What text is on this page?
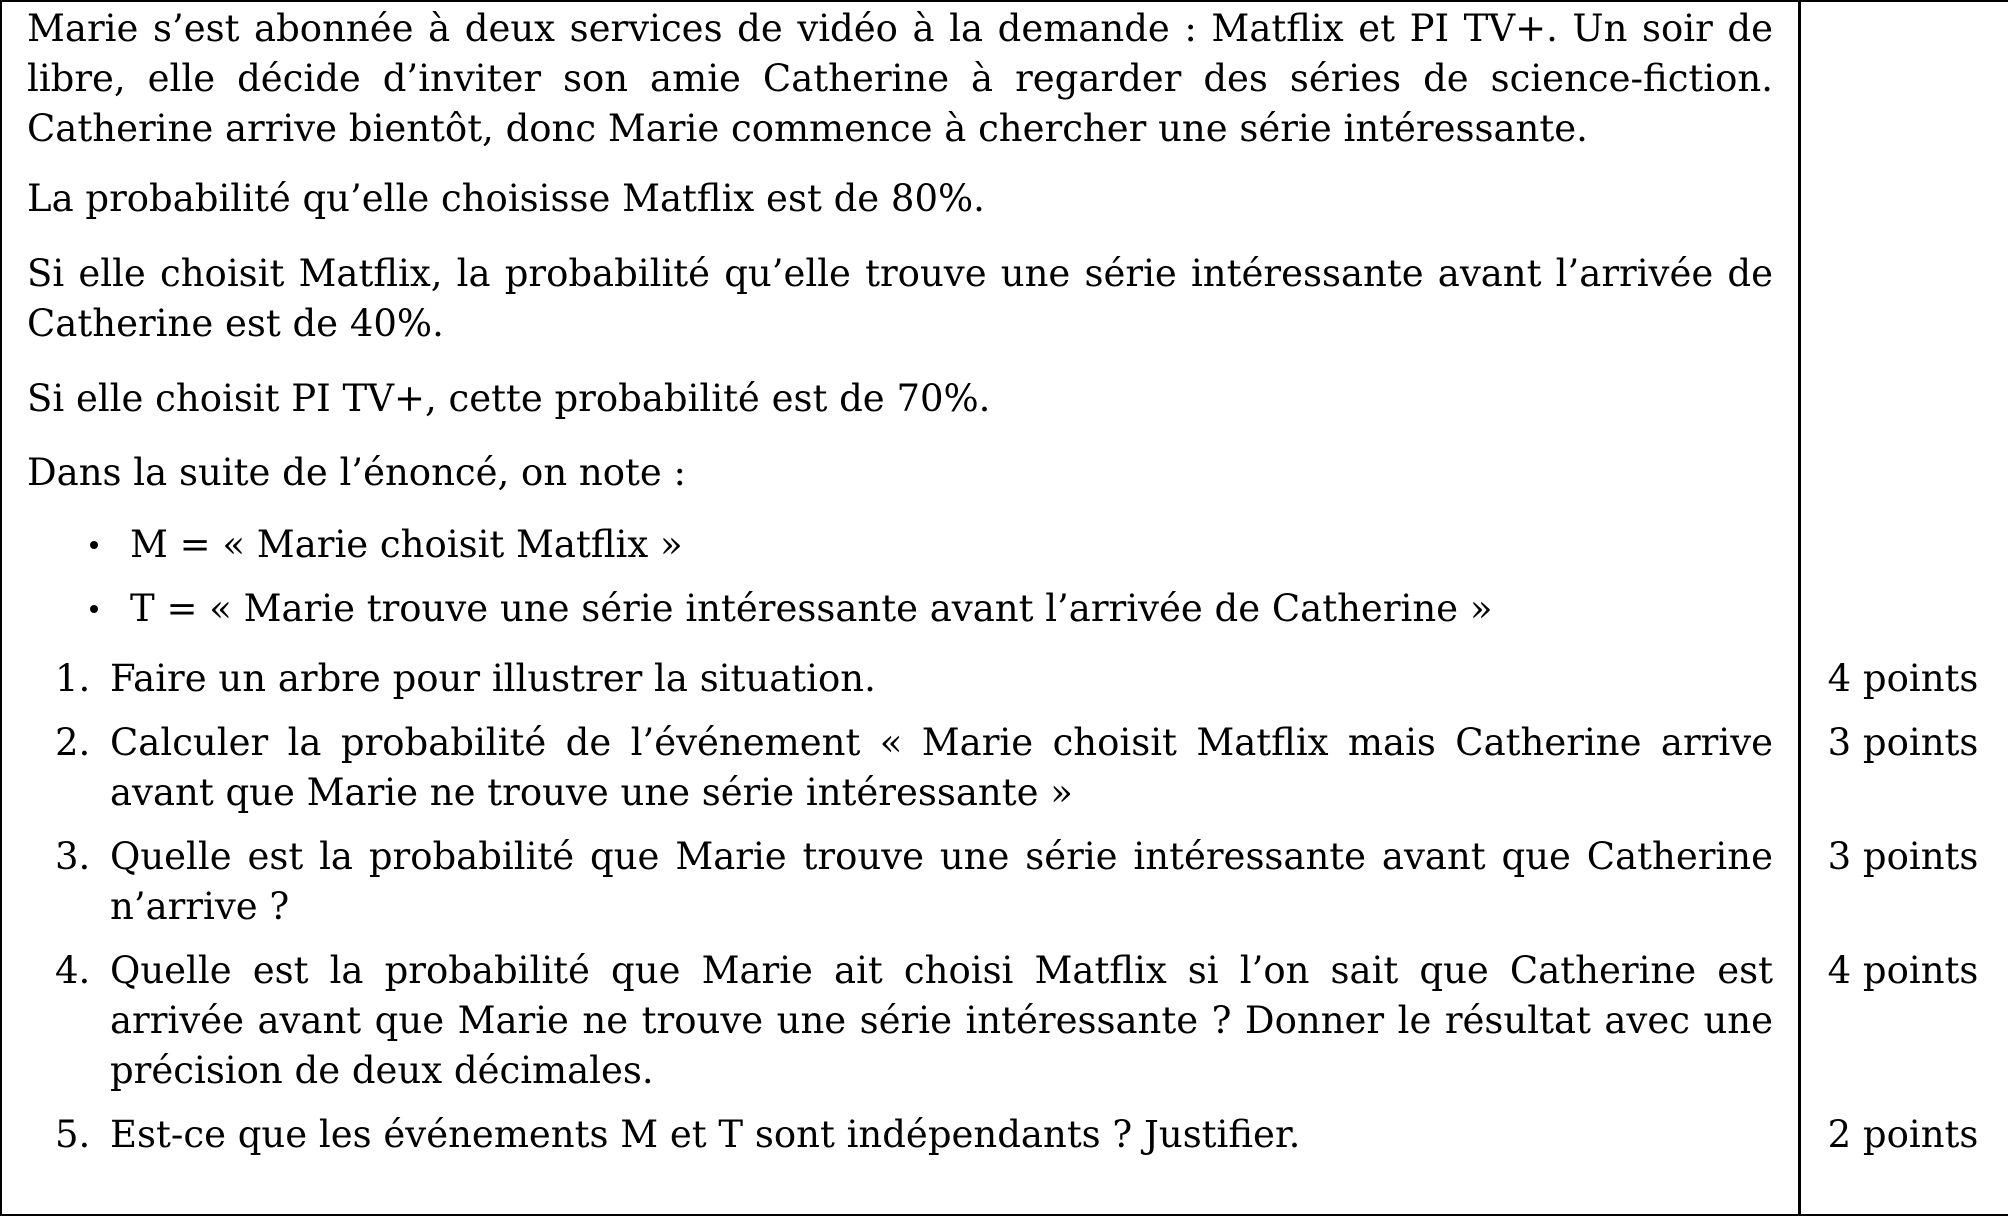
Marie s’est abonnée à deux services de vidéo à la demande : Matflix et PI TV+. Un soir de libre, elle décide d’inviter son amie Catherine à regarder des séries de science-fiction. Catherine arrive bientôt, donc Marie commence à chercher une série intéressante.
La probabilité qu’elle choisisse Matflix est de 80%.
Si elle choisit Matflix, la probabilité qu’elle trouve une série intéressante avant l’arrivée de Catherine est de 40%.
Si elle choisit PI TV+, cette probabilité est de 70%.
Dans la suite de l’énoncé, on note :
M = « Marie choisit Matflix »
T = « Marie trouve une série intéressante avant l’arrivée de Catherine »
1. Faire un arbre pour illustrer la situation.	4 points
2. Calculer la probabilité de l’événement « Marie choisit Matflix mais Catherine arrive avant que Marie ne trouve une série intéressante »
3 points
3. Quelle est la probabilité que Marie trouve une série intéressante avant que Catherine n’arrive ?
3 points
4. Quelle est la probabilité que Marie ait choisi Matflix si l’on sait que Catherine est arrivée avant que Marie ne trouve une série intéressante ? Donner le résultat avec une précision de deux décimales.
4 points
5. Est-ce que les événements M et T sont indépendants ? Justifier.	2 points
